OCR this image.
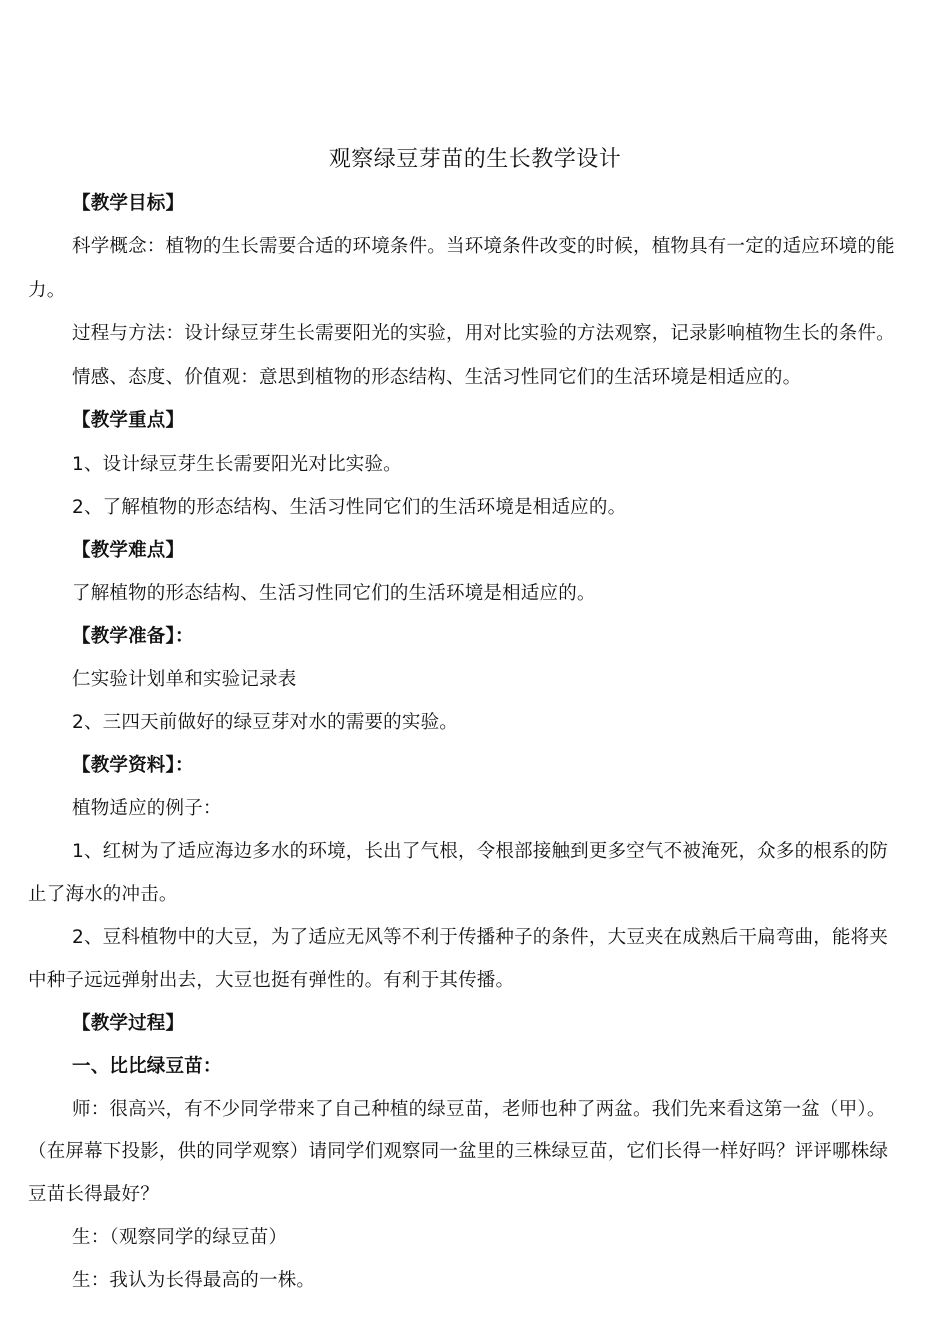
观察绿豆芽苗的生长教学设计
【教学目标】
科学概念：植物的生长需要合适的环境条件。当环境条件改变的时候，植物具有一定的适应环境的能
力。
过程与方法：设计绿豆芽生长需要阳光的实验，用对比实验的方法观察，记录影响植物生长的条件。
情感、态度、价值观：意思到植物的形态结构、生活习性同它们的生活环境是相适应的。
【教学重点】
1、设计绿豆芽生长需要阳光对比实验。
2、了解植物的形态结构、生活习性同它们的生活环境是相适应的。
【教学难点】
了解植物的形态结构、生活习性同它们的生活环境是相适应的。
【教学准备】：
仁实验计划单和实验记录表
2、三四天前做好的绿豆芽对水的需要的实验。
【教学资料】：
植物适应的例子：
1、红树为了适应海边多水的环境，长出了气根，令根部接触到更多空气不被淹死，众多的根系的防
止了海水的冲击。
2、豆科植物中的大豆，为了适应无风等不利于传播种子的条件，大豆夹在成熟后干扁弯曲，能将夹
中种子远远弹射出去，大豆也挺有弹性的。有利于其传播。
【教学过程】
一、比比绿豆苗：
师：很高兴，有不少同学带来了自己种植的绿豆苗，老师也种了两盆。我们先来看这第一盆（甲）。
（在屏幕下投影，供的同学观察）请同学们观察同一盆里的三株绿豆苗，它们长得一样好吗？评评哪株绿
豆苗长得最好？
生：（观察同学的绿豆苗）
生：我认为长得最高的一株。
